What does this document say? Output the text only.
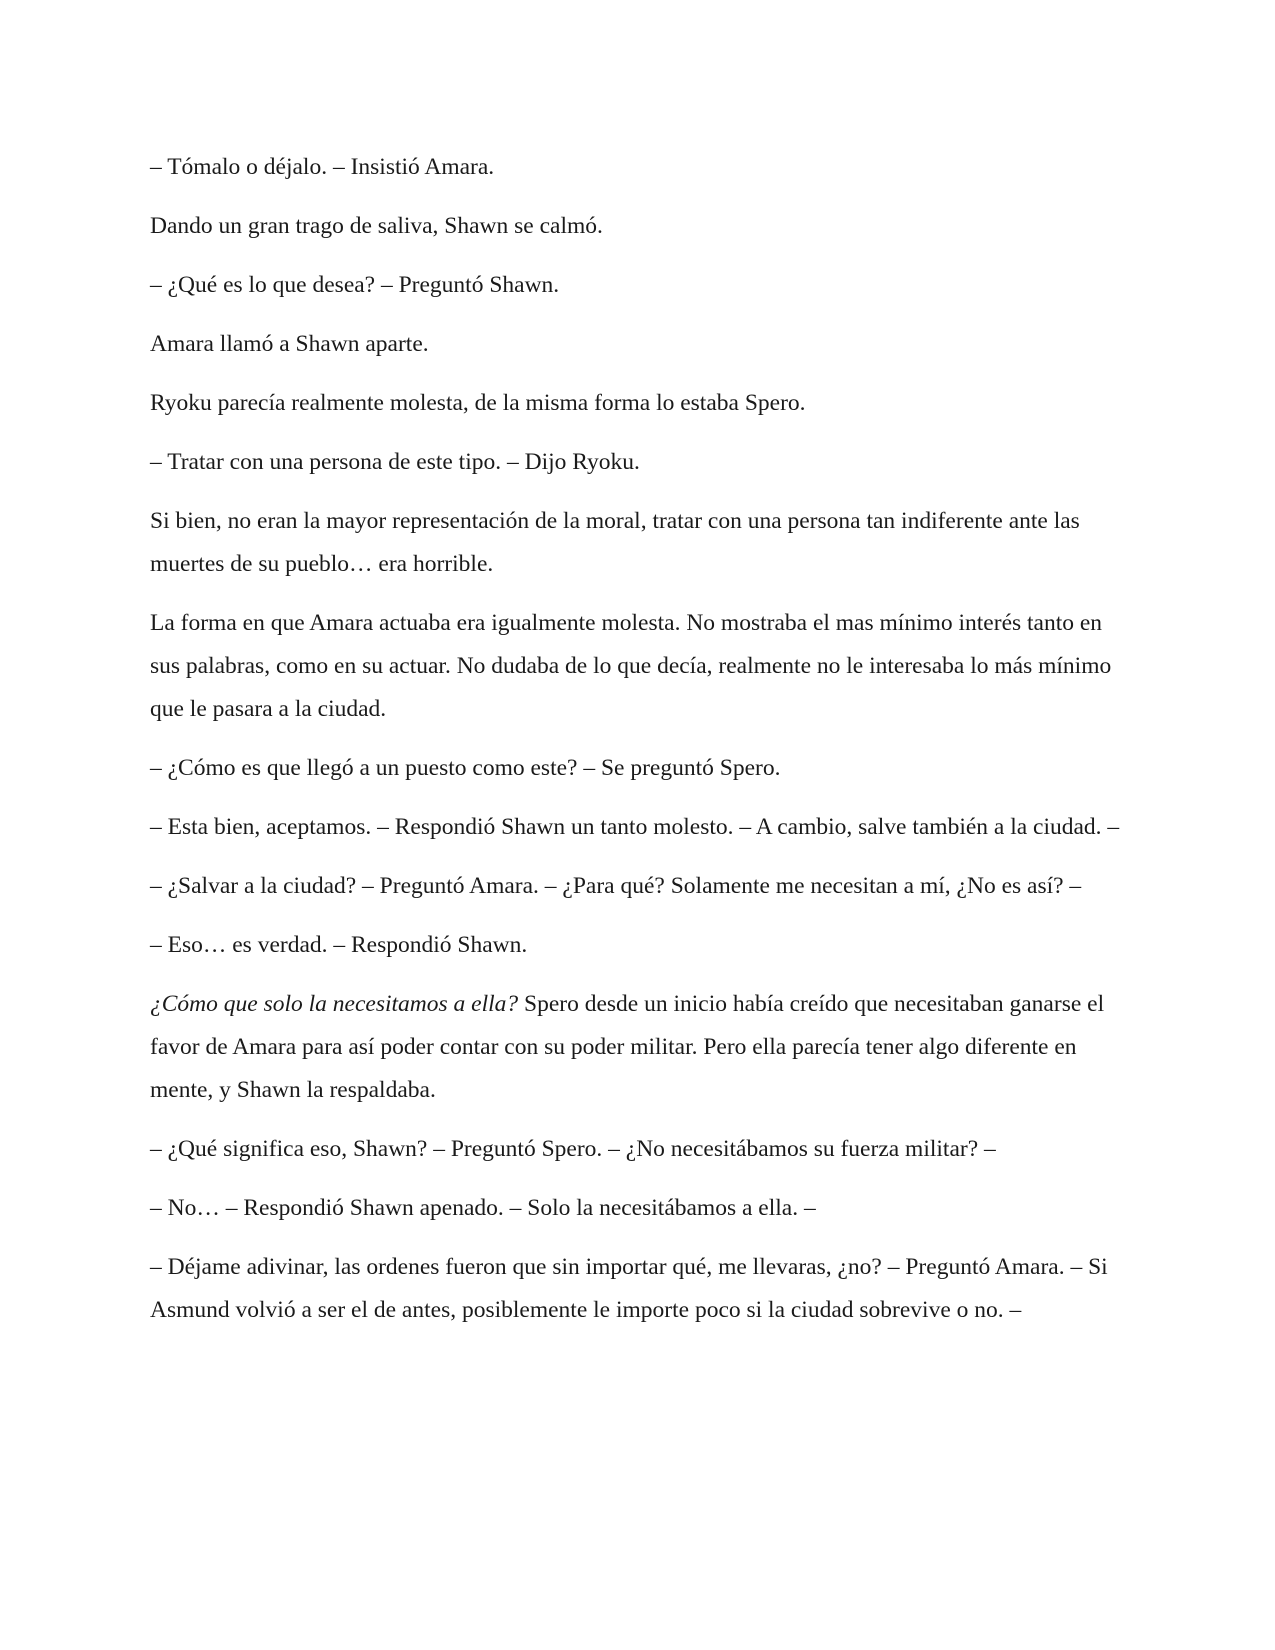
– Tómalo o déjalo. – Insistió Amara.

Dando un gran trago de saliva, Shawn se calmó.

– ¿Qué es lo que desea? – Preguntó Shawn.

Amara llamó a Shawn aparte.

Ryoku parecía realmente molesta, de la misma forma lo estaba Spero.

– Tratar con una persona de este tipo. – Dijo Ryoku.

Si bien, no eran la mayor representación de la moral, tratar con una persona tan indiferente ante las muertes de su pueblo… era horrible.

La forma en que Amara actuaba era igualmente molesta. No mostraba el mas mínimo interés tanto en sus palabras, como en su actuar. No dudaba de lo que decía, realmente no le interesaba lo más mínimo que le pasara a la ciudad.

– ¿Cómo es que llegó a un puesto como este? – Se preguntó Spero.

– Esta bien, aceptamos. – Respondió Shawn un tanto molesto. – A cambio, salve también a la ciudad. –

– ¿Salvar a la ciudad? – Preguntó Amara. – ¿Para qué? Solamente me necesitan a mí, ¿No es así? –

– Eso… es verdad. – Respondió Shawn.

¿Cómo que solo la necesitamos a ella? Spero desde un inicio había creído que necesitaban ganarse el favor de Amara para así poder contar con su poder militar. Pero ella parecía tener algo diferente en mente, y Shawn la respaldaba.

– ¿Qué significa eso, Shawn? – Preguntó Spero. – ¿No necesitábamos su fuerza militar? –

– No… – Respondió Shawn apenado. – Solo la necesitábamos a ella. –

– Déjame adivinar, las ordenes fueron que sin importar qué, me llevaras, ¿no? – Preguntó Amara. – Si Asmund volvió a ser el de antes, posiblemente le importe poco si la ciudad sobrevive o no. –
